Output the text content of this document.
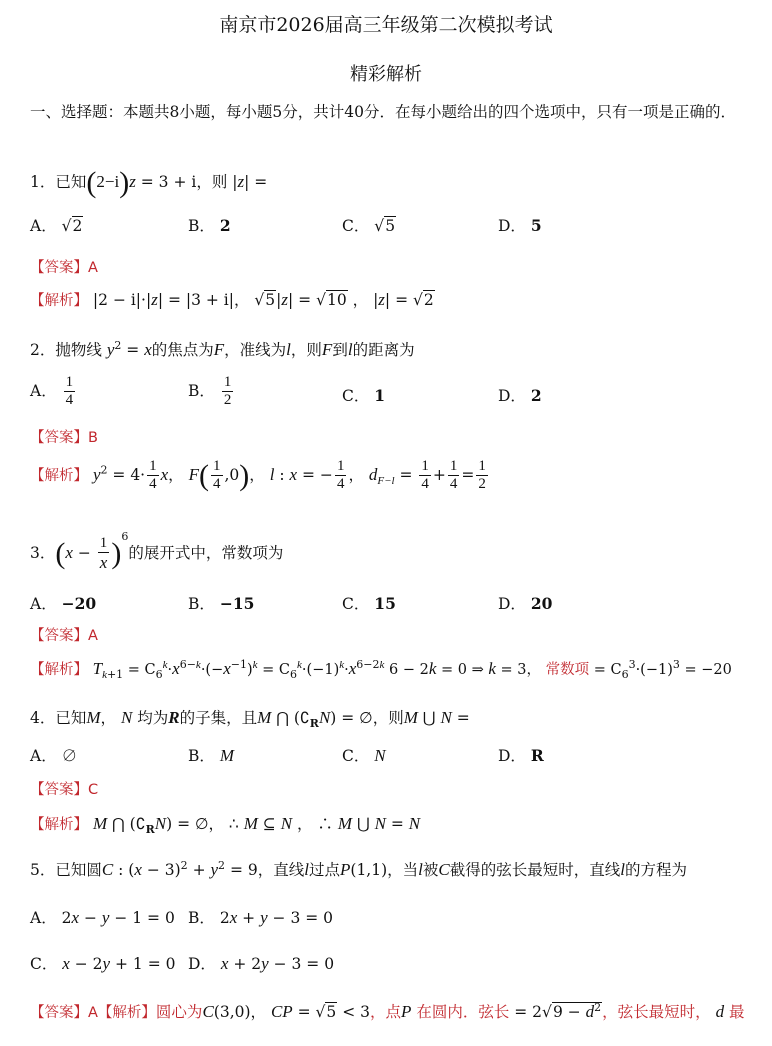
南京市2026届高三年级第二次模拟考试
精彩解析
一、选择题：本题共8小题，每小题5分，共计40分．在每小题给出的四个选项中，只有一项是正确的．
1．已知(2−i)z = 3 + i，则 |z| =
A． √2	B． 2	C． √5	D． 5
【答案】A
【解析】 |2 − i|·|z| = |3 + i|， √5|z| = √10 ， |z| = √2
2．抛物线 $y^2 = x$的焦点为F，准线为l，则F到l的距离为
A． $\frac{1}{4}$	B． $\frac{1}{2}$	C． 1	D． 2
【答案】B
【解析】 $y^2 = 4\cdot \frac{1}{4}$ x， $F( \frac{1}{4} ,0)$， l : x = − $\frac{1}{4}$ ， $d_{F-l} = \frac{1}{4} + \frac{1}{4} = \frac{1}{2}$
3．$(x - \frac{1}{x} )^6$的展开式中，常数项为
A． −20	B． −15	C． 15	D． 20
【答案】A
【解析】 $T_{k+1} = C_6^k\cdot x^{6-k}\cdot(-x^{-1})^k = C_6^k\cdot(-1)^k\cdot x^{6-2k}$ 6 − 2k = 0 ⇒ k = 3， 常数项 = $C_6^3\cdot(-1)^3 = -20$
4．已知M， N 均为R的子集，且M ⋂ $(∁_RN)$ = ∅，则M ⋃ N =
A． ∅	B． M	C． N	D． R
【答案】C
【解析】 M ⋂ $(∁_RN)$ = ∅， ∴ M ⊆ N ， ∴ M ⋃ N = N
5．已知圆C : $(x - 3)^2 + y^2 = 9$，直线l过点P(1,1)，当l被C截得的弦长最短时，直线l的方程为
A． 2x − y − 1 = 0 B． 2x + y − 3 = 0
C． x − 2y + 1 = 0 D． x + 2y − 3 = 0
【答案】A【解析】圆心为C(3,0)， CP = √5 < 3，点P 在圆内．弦长 = $2√9 - d^2$，弦长最短时， d 最
